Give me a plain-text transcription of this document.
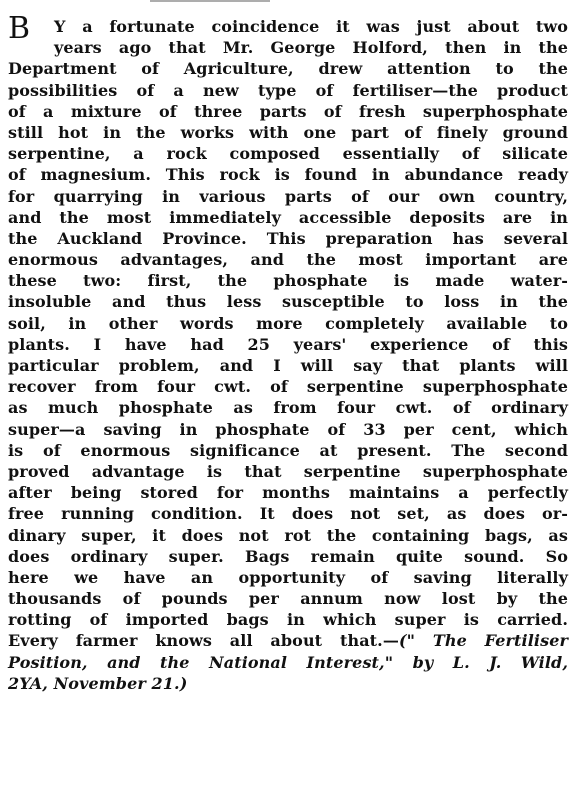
B Y a fortunate coincidence it was just about two
years ago that Mr. George Holford, then in the
Department of Agriculture, drew attention to the
possibilities of a new type of fertiliser—the product
of a mixture of three parts of fresh superphosphate
still hot in the works with one part of finely ground
serpentine, a rock composed essentially of silicate
of magnesium. This rock is found in abundance ready
for quarrying in various parts of our own country,
and the most immediately accessible deposits are in
the Auckland Province. This preparation has several
enormous advantages, and the most important are
these two: first, the phosphate is made water-
insoluble and thus less susceptible to loss in the
soil, in other words more completely available to
plants. I have had 25 years' experience of this
particular problem, and I will say that plants will
recover from four cwt. of serpentine superphosphate
as much phosphate as from four cwt. of ordinary
super—a saving in phosphate of 33 per cent, which
is of enormous significance at present. The second
proved advantage is that serpentine superphosphate
after being stored for months maintains a perfectly
free running condition. It does not set, as does or-
dinary super, it does not rot the containing bags, as
does ordinary super. Bags remain quite sound. So
here we have an opportunity of saving literally
thousands of pounds per annum now lost by the
rotting of imported bags in which super is carried.
Every farmer knows all about that.—(" The Fertiliser
Position, and the National Interest," by L. J. Wild,
2YA, November 21.)
